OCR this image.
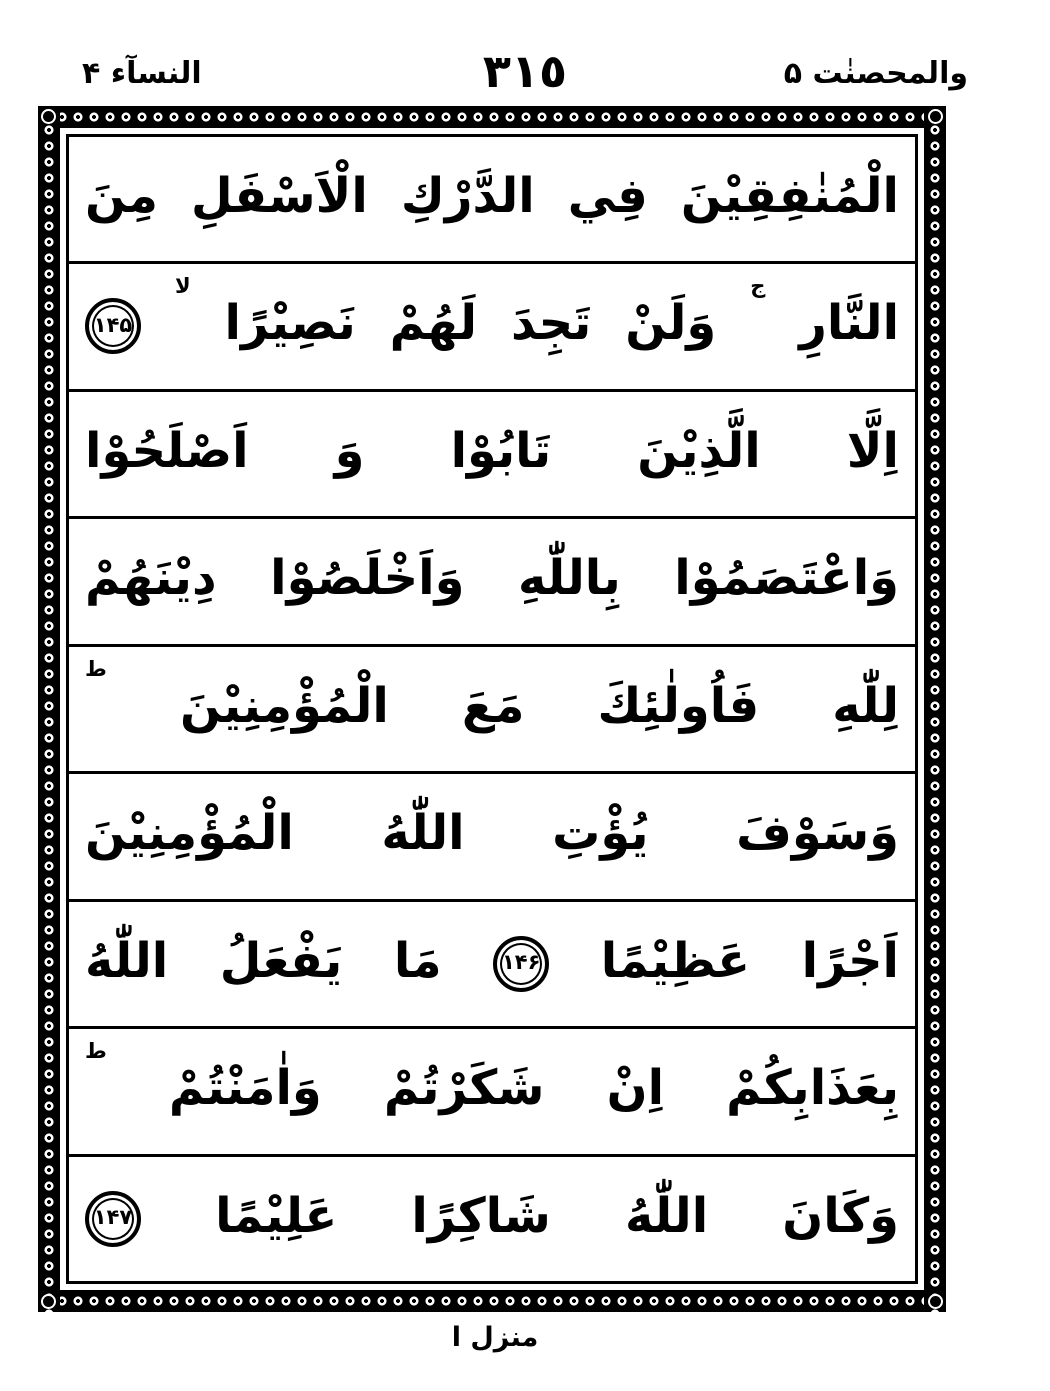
النسآء ۴	٣١٥	والمحصنٰت ۵
الْمُنٰفِقِيْنَ فِي الدَّرْكِ الْاَسْفَلِ مِنَ
النَّارِ ج وَلَنْ تَجِدَ لَهُمْ نَصِيْرًا لا
۱۴۵
اِلَّا الَّذِيْنَ تَابُوْا وَ اَصْلَحُوْا
وَاعْتَصَمُوْا بِاللّٰهِ وَاَخْلَصُوْا دِيْنَهُمْ
لِلّٰهِ فَاُولٰئِكَ مَعَ الْمُؤْمِنِيْنَ ط
وَسَوْفَ يُؤْتِ اللّٰهُ الْمُؤْمِنِيْنَ
اَجْرًا عَظِيْمًا
۱۴۶
مَا يَفْعَلُ اللّٰهُ
بِعَذَابِكُمْ اِنْ شَكَرْتُمْ وَاٰمَنْتُمْ ط
وَكَانَ اللّٰهُ شَاكِرًا عَلِيْمًا
۱۴۷
منزل ا
